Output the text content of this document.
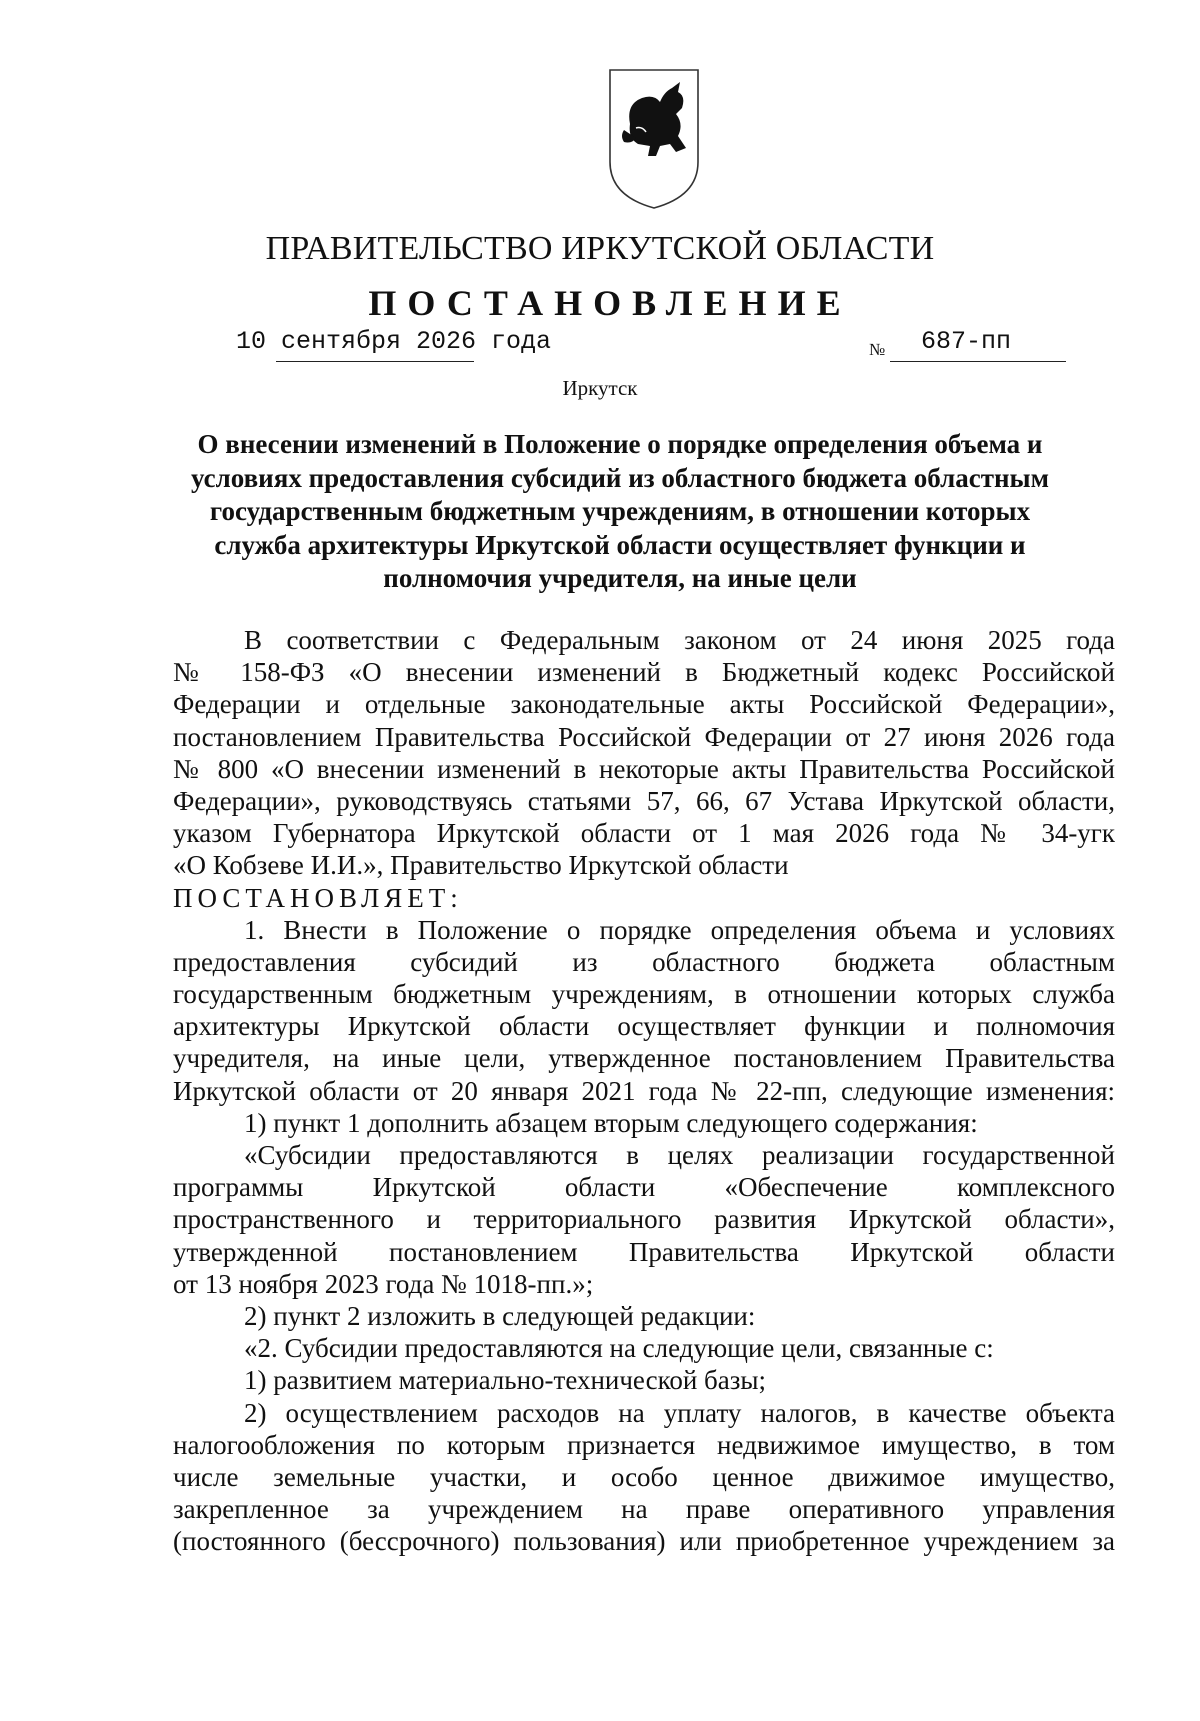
ПРАВИТЕЛЬСТВО ИРКУТСКОЙ ОБЛАСТИ
ПОСТАНОВЛЕНИЕ
10 сентября 2026 года	№ 687-пп
Иркутск
О внесении изменений в Положение о порядке определения объема и
условиях предоставления субсидий из областного бюджета областным
государственным бюджетным учреждениям, в отношении которых
служба архитектуры Иркутской области осуществляет функции и
полномочия учредителя, на иные цели
В соответствии с Федеральным законом от 24 июня 2025 года
№ 158-ФЗ «О внесении изменений в Бюджетный кодекс Российской
Федерации и отдельные законодательные акты Российской Федерации»,
постановлением Правительства Российской Федерации от 27 июня 2026 года
№ 800 «О внесении изменений в некоторые акты Правительства Российской
Федерации», руководствуясь статьями 57, 66, 67 Устава Иркутской области,
указом Губернатора Иркутской области от 1 мая 2026 года № 34-угк
«О Кобзеве И.И.», Правительство Иркутской области
ПОСТАНОВЛЯЕТ:
1. Внести в Положение о порядке определения объема и условиях
предоставления субсидий из областного бюджета областным
государственным бюджетным учреждениям, в отношении которых служба
архитектуры Иркутской области осуществляет функции и полномочия
учредителя, на иные цели, утвержденное постановлением Правительства
Иркутской области от 20 января 2021 года № 22-пп, следующие изменения:
1) пункт 1 дополнить абзацем вторым следующего содержания:
«Субсидии предоставляются в целях реализации государственной
программы Иркутской области «Обеспечение комплексного
пространственного и территориального развития Иркутской области»,
утвержденной постановлением Правительства Иркутской области
от 13 ноября 2023 года № 1018-пп.»;
2) пункт 2 изложить в следующей редакции:
«2. Субсидии предоставляются на следующие цели, связанные с:
1) развитием материально-технической базы;
2) осуществлением расходов на уплату налогов, в качестве объекта
налогообложения по которым признается недвижимое имущество, в том
числе земельные участки, и особо ценное движимое имущество,
закрепленное за учреждением на праве оперативного управления
(постоянного (бессрочного) пользования) или приобретенное учреждением за
